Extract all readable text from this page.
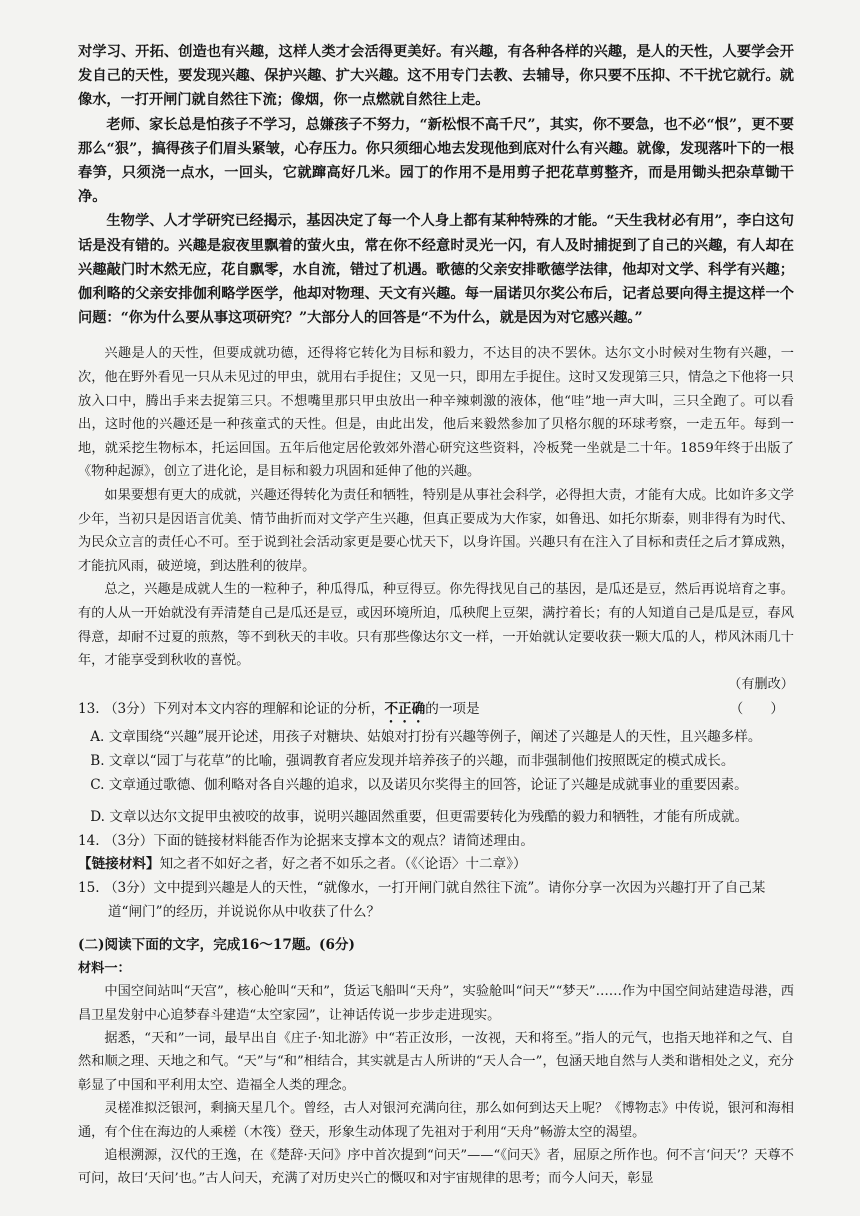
对学习、开拓、创造也有兴趣，这样人类才会活得更美好。有兴趣，有各种各样的兴趣，是人的天性，人要学会开发自己的天性，要发现兴趣、保护兴趣、扩大兴趣。这不用专门去教、去辅导，你只要不压抑、不干扰它就行。就像水，一打开闸门就自然往下流；像烟，你一点燃就自然往上走。

老师、家长总是怕孩子不学习，总嫌孩子不努力，“新松恨不高千尺”，其实，你不要急，也不必“恨”，更不要那么“狠”，搞得孩子们眉头紧皱，心存压力。你只须细心地去发现他到底对什么有兴趣。就像，发现落叶下的一根春笋，只须浇一点水，一回头，它就蹿高好几米。园丁的作用不是用剪子把花草剪整齐，而是用锄头把杂草锄干净。

生物学、人才学研究已经揭示，基因决定了每一个人身上都有某种特殊的才能。“天生我材必有用”，李白这句话是没有错的。兴趣是寂夜里飘着的萤火虫，常在你不经意时灵光一闪，有人及时捕捉到了自己的兴趣，有人却在兴趣敲门时木然无应，花自飘零，水自流，错过了机遇。歌德的父亲安排歌德学法律，他却对文学、科学有兴趣；伽利略的父亲安排伽利略学医学，他却对物理、天文有兴趣。每一届诺贝尔奖公布后，记者总要向得主提这样一个问题：“你为什么要从事这项研究？”大部分人的回答是“不为什么，就是因为对它感兴趣。”

兴趣是人的天性，但要成就功德，还得将它转化为目标和毅力，不达目的决不罢休。达尔文小时候对生物有兴趣，一次，他在野外看见一只从未见过的甲虫，就用右手捉住；又见一只，即用左手捉住。这时又发现第三只，情急之下他将一只放入口中，腾出手来去捉第三只。不想嘴里那只甲虫放出一种辛辣刺激的液体，他“哇”地一声大叫，三只全跑了。可以看出，这时他的兴趣还是一种孩童式的天性。但是，由此出发，他后来毅然参加了贝格尔舰的环球考察，一走五年。每到一地，就采挖生物标本，托运回国。五年后他定居伦敦郊外潜心研究这些资料，冷板凳一坐就是二十年。1859年终于出版了《物种起源》，创立了进化论，是目标和毅力巩固和延伸了他的兴趣。

如果要想有更大的成就，兴趣还得转化为责任和牺牲，特别是从事社会科学，必得担大责，才能有大成。比如许多文学少年，当初只是因语言优美、情节曲折而对文学产生兴趣，但真正要成为大作家，如鲁迅、如托尔斯泰，则非得有为时代、为民众立言的责任心不可。至于说到社会活动家更是要心忧天下，以身许国。兴趣只有在注入了目标和责任之后才算成熟，才能抗风雨，破逆境，到达胜利的彼岸。

总之，兴趣是成就人生的一粒种子，种瓜得瓜，种豆得豆。你先得找见自己的基因，是瓜还是豆，然后再说培育之事。有的人从一开始就没有弄清楚自己是瓜还是豆，或因环境所迫，瓜秧爬上豆架，满拧着长；有的人知道自己是瓜是豆，春风得意，却耐不过夏的煎熬，等不到秋天的丰收。只有那些像达尔文一样，一开始就认定要收获一颗大瓜的人，栉风沐雨几十年，才能享受到秋收的喜悦。

（有删改）
13. （3分）下列对本文内容的理解和论证的分析，不正确的一项是	（　　）

A. 文章围绕“兴趣”展开论述，用孩子对糖块、姑娘对打扮有兴趣等例子，阐述了兴趣是人的天性，且兴趣多样。

B. 文章以“园丁与花草”的比喻，强调教育者应发现并培养孩子的兴趣，而非强制他们按照既定的模式成长。

C. 文章通过歌德、伽利略对各自兴趣的追求，以及诺贝尔奖得主的回答，论证了兴趣是成就事业的重要因素。

D. 文章以达尔文捉甲虫被咬的故事，说明兴趣固然重要，但更需要转化为残酷的毅力和牺牲，才能有所成就。

14. （3分）下面的链接材料能否作为论据来支撑本文的观点？请简述理由。

【链接材料】知之者不如好之者，好之者不如乐之者。（《〈论语〉十二章》）

15. （3分）文中提到兴趣是人的天性，“就像水，一打开闸门就自然往下流”。请你分享一次因为兴趣打开了自己某道“闸门”的经历，并说说你从中收获了什么？

(二)阅读下面的文字，完成16～17题。(6分)

材料一：

中国空间站叫“天宫”，核心舱叫“天和”，货运飞船叫“天舟”，实验舱叫“问天”“梦天”……作为中国空间站建造母港，西昌卫星发射中心追梦春斗建造“太空家园”，让神话传说一步步走进现实。

据悉，“天和”一词，最早出自《庄子·知北游》中“若正汝形，一汝视，天和将至。”指人的元气，也指天地祥和之气、自然和顺之理、天地之和气。“天”与“和”相结合，其实就是古人所讲的“天人合一”，包涵天地自然与人类和谐相处之义，充分彰显了中国和平利用太空、造福全人类的理念。

灵槎准拟泛银河，剩摘天星几个。曾经，古人对银河充满向往，那么如何到达天上呢？《博物志》中传说，银河和海相通，有个住在海边的人乘槎（木筏）登天，形象生动体现了先祖对于利用“天舟”畅游太空的渴望。

追根溯源，汉代的王逸，在《楚辞·天问》序中首次提到“问天”——“《问天》者，屈原之所作也。何不言‘问天’？天尊不可问，故曰‘天问’也。”古人问天，充满了对历史兴亡的慨叹和对宇宙规律的思考；而今人问天，彰显
